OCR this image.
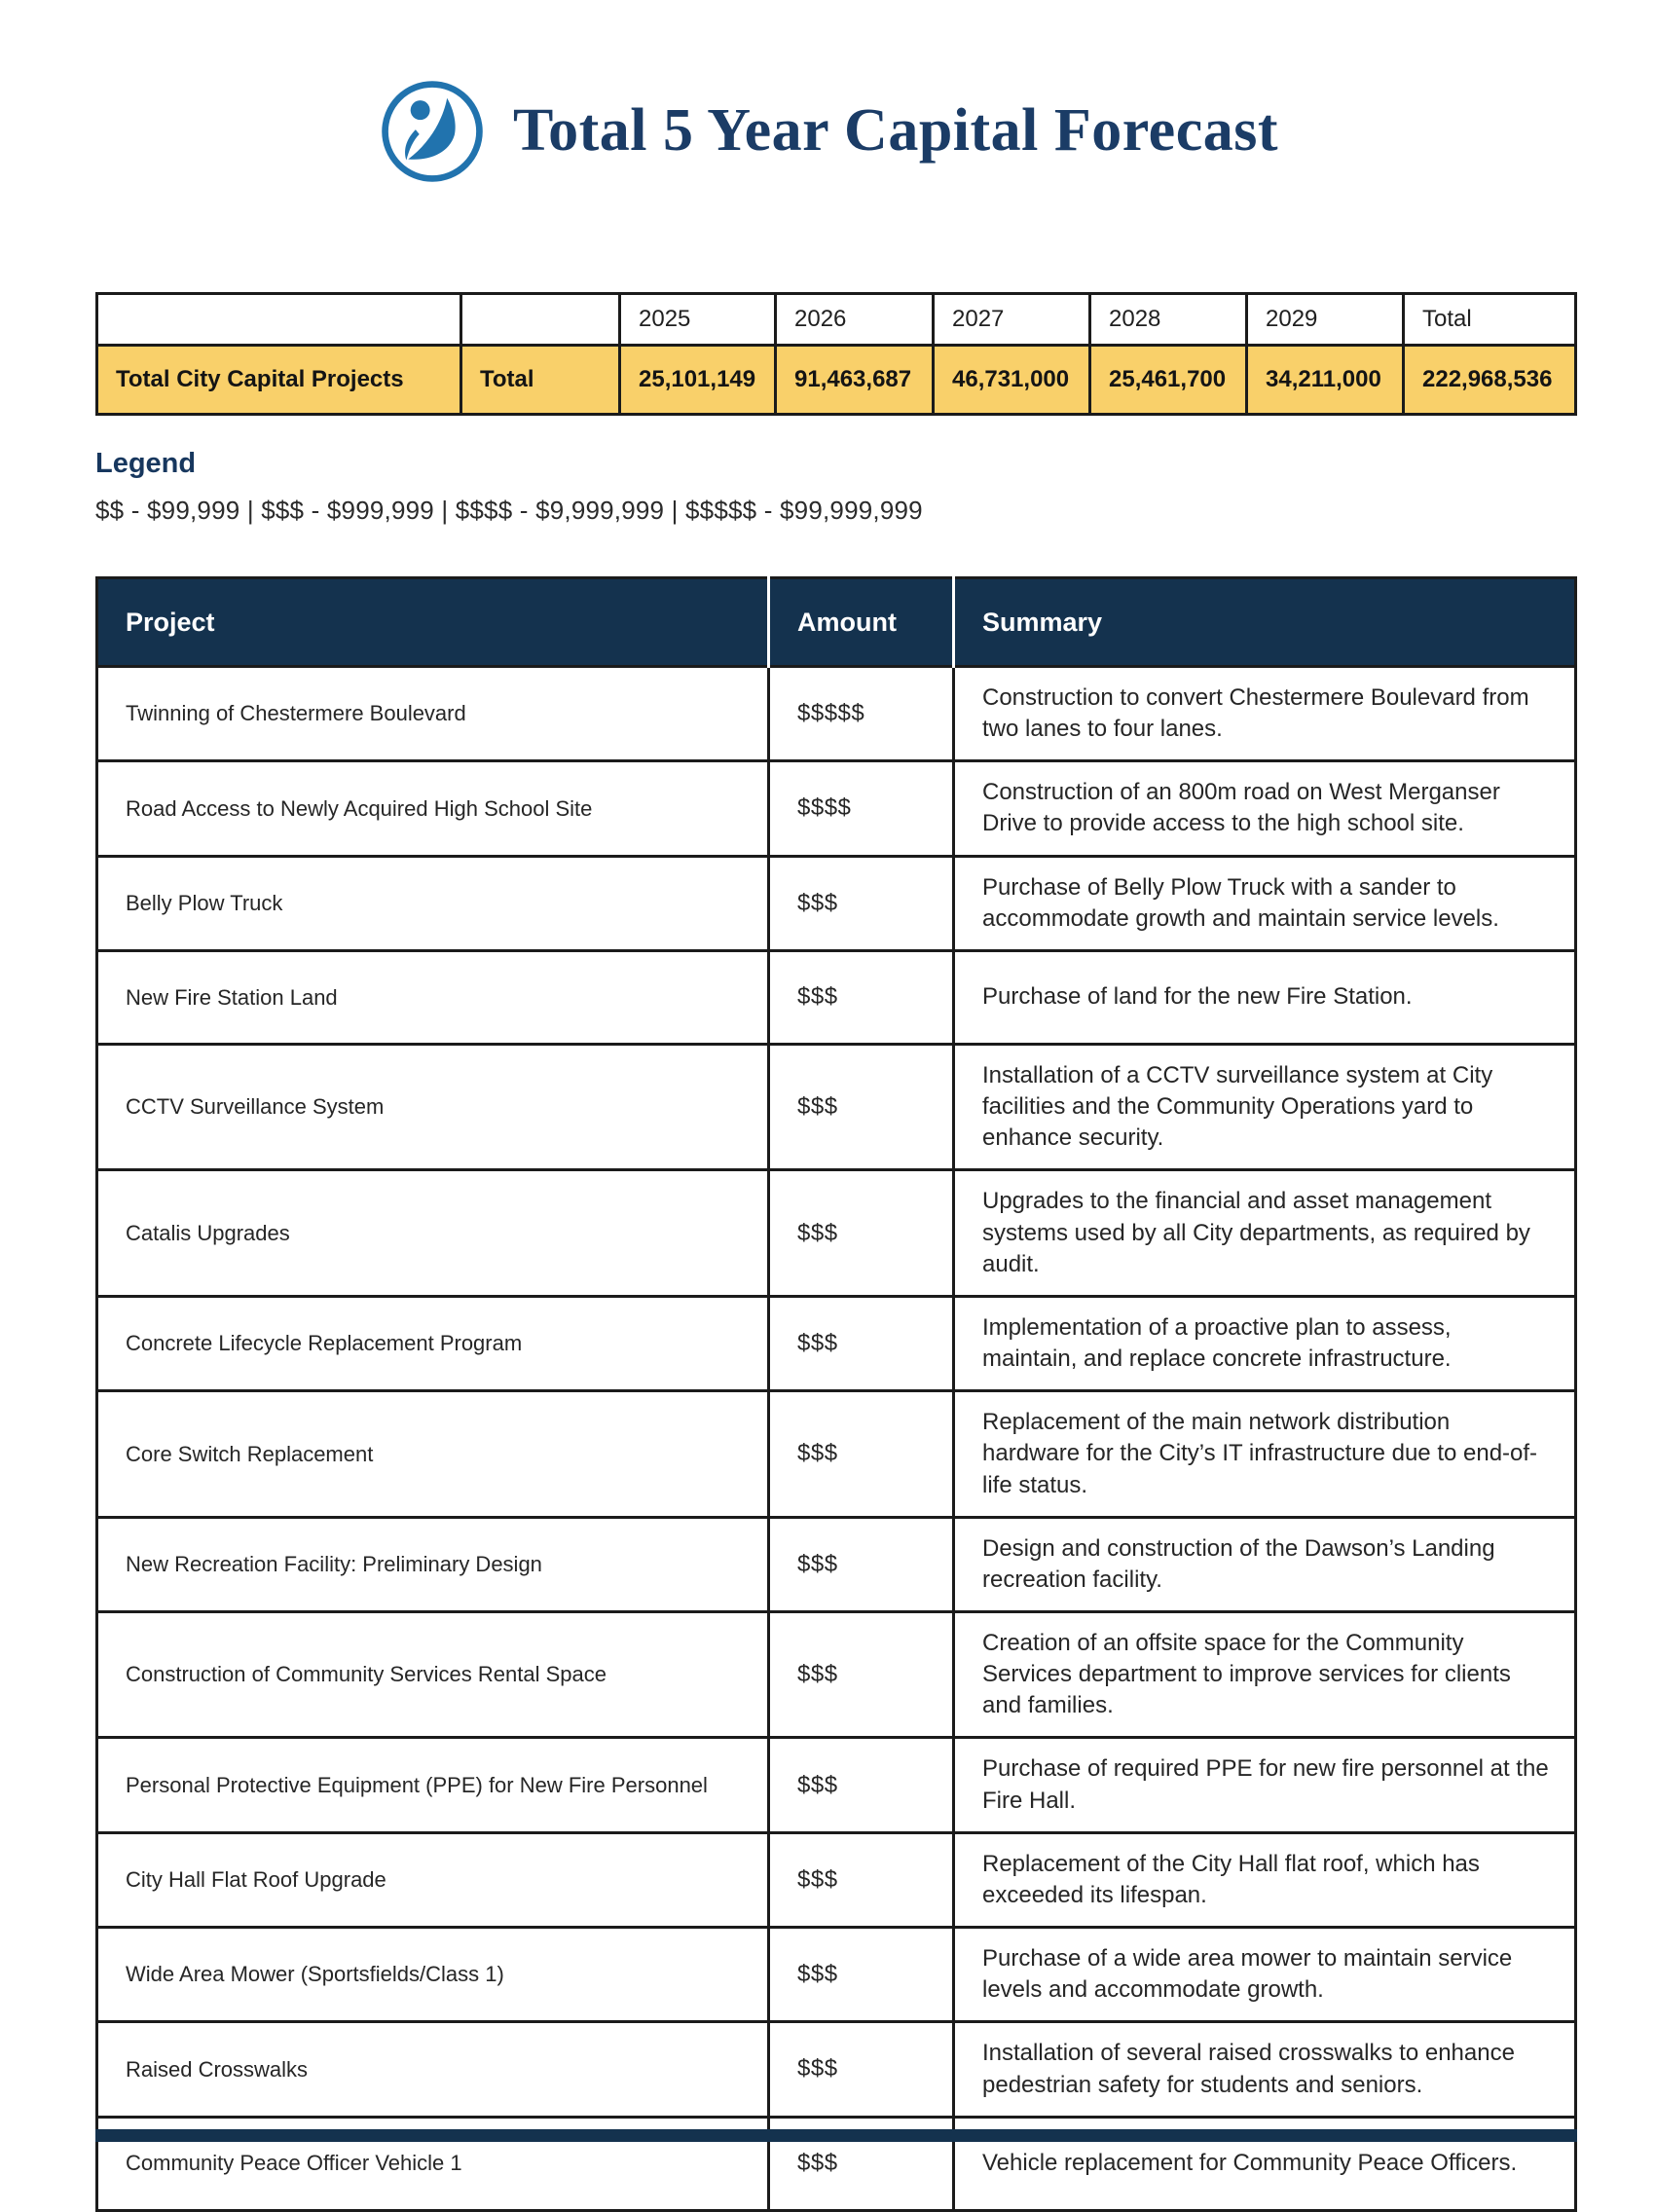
Total 5 Year Capital Forecast
		2025	2026	2027	2028	2029	Total
Total City Capital Projects	Total	25,101,149	91,463,687	46,731,000	25,461,700	34,211,000	222,968,536

Legend

$$ - $99,999 | $$$ - $999,999 | $$$$ - $9,999,999 | $$$$$ - $99,999,999

Project	Amount	Summary
Twinning of Chestermere Boulevard	$$$$$	Construction to convert Chestermere Boulevard from two lanes to four lanes.
Road Access to Newly Acquired High School Site	$$$$	Construction of an 800m road on West Merganser Drive to provide access to the high school site.
Belly Plow Truck	$$$	Purchase of Belly Plow Truck with a sander to accommodate growth and maintain service levels.
New Fire Station Land	$$$	Purchase of land for the new Fire Station.
CCTV Surveillance System	$$$	Installation of a CCTV surveillance system at City facilities and the Community Operations yard to enhance security.
Catalis Upgrades	$$$	Upgrades to the financial and asset management systems used by all City departments, as required by audit.
Concrete Lifecycle Replacement Program	$$$	Implementation of a proactive plan to assess, maintain, and replace concrete infrastructure.
Core Switch Replacement	$$$	Replacement of the main network distribution hardware for the City’s IT infrastructure due to end-of-life status.
New Recreation Facility: Preliminary Design	$$$	Design and construction of the Dawson’s Landing recreation facility.
Construction of Community Services Rental Space	$$$	Creation of an offsite space for the Community Services department to improve services for clients and families.
Personal Protective Equipment (PPE) for New Fire Personnel	$$$	Purchase of required PPE for new fire personnel at the Fire Hall.
City Hall Flat Roof Upgrade	$$$	Replacement of the City Hall flat roof, which has exceeded its lifespan.
Wide Area Mower (Sportsfields/Class 1)	$$$	Purchase of a wide area mower to maintain service levels and accommodate growth.
Raised Crosswalks	$$$	Installation of several raised crosswalks to enhance pedestrian safety for students and seniors.
Community Peace Officer Vehicle 1	$$$	Vehicle replacement for Community Peace Officers.
